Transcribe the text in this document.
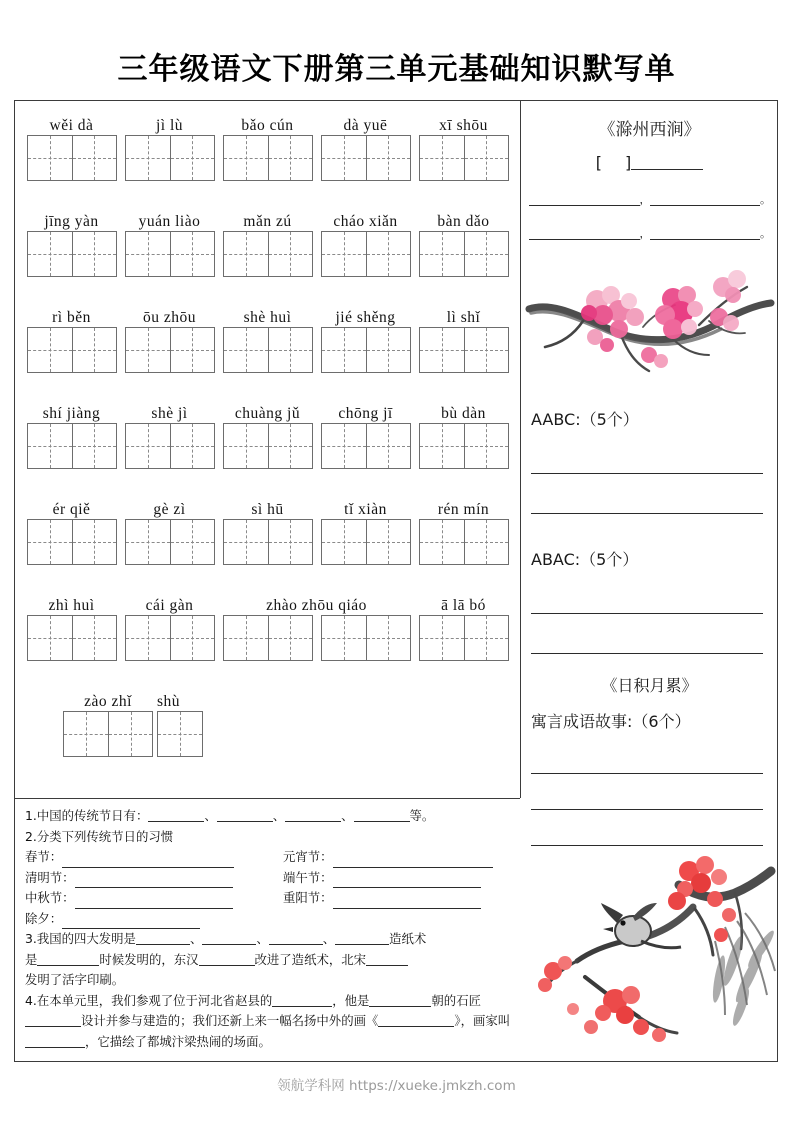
三年级语文下册第三单元基础知识默写单
wěi dà	jì lù	bǎo cún	dà yuē	xī shōu
jīng yàn	yuán liào	mǎn zú	cháo xiǎn	bàn dǎo
rì běn	ōu zhōu	shè huì	jié shěng	lì shǐ
shí jiàng	shè jì	chuàng jǔ	chōng jī	bù dàn
ér qiě	gè zì	sì hū	tǐ xiàn	rén mín
zhì huì	cái gàn	zhào zhōu qiáo	ā lā bó
zào zhǐ	shù
《滁州西涧》
[ ]
，	。
，	。
AABC:（5个）
ABAC:（5个）
《日积月累》
寓言成语故事:（6个）
1.中国的传统节日有：	、	、	、	等。
2.分类下列传统节日的习惯
春节：	元宵节：
清明节：	端午节：
中秋节：	重阳节：
除夕：
3.我国的四大发明是	、	、	、	造纸术
是	时候发明的，东汉	改进了造纸术，北宋
发明了活字印刷。
4.在本单元里，我们参观了位于河北省赵县的	，他是	朝的石匠设计并参与建造的；我们还新上来一幅名扬中外的画《	》，画家叫，它描绘了都城汴梁热闹的场面。
领航学科网 https://xueke.jmkzh.com
